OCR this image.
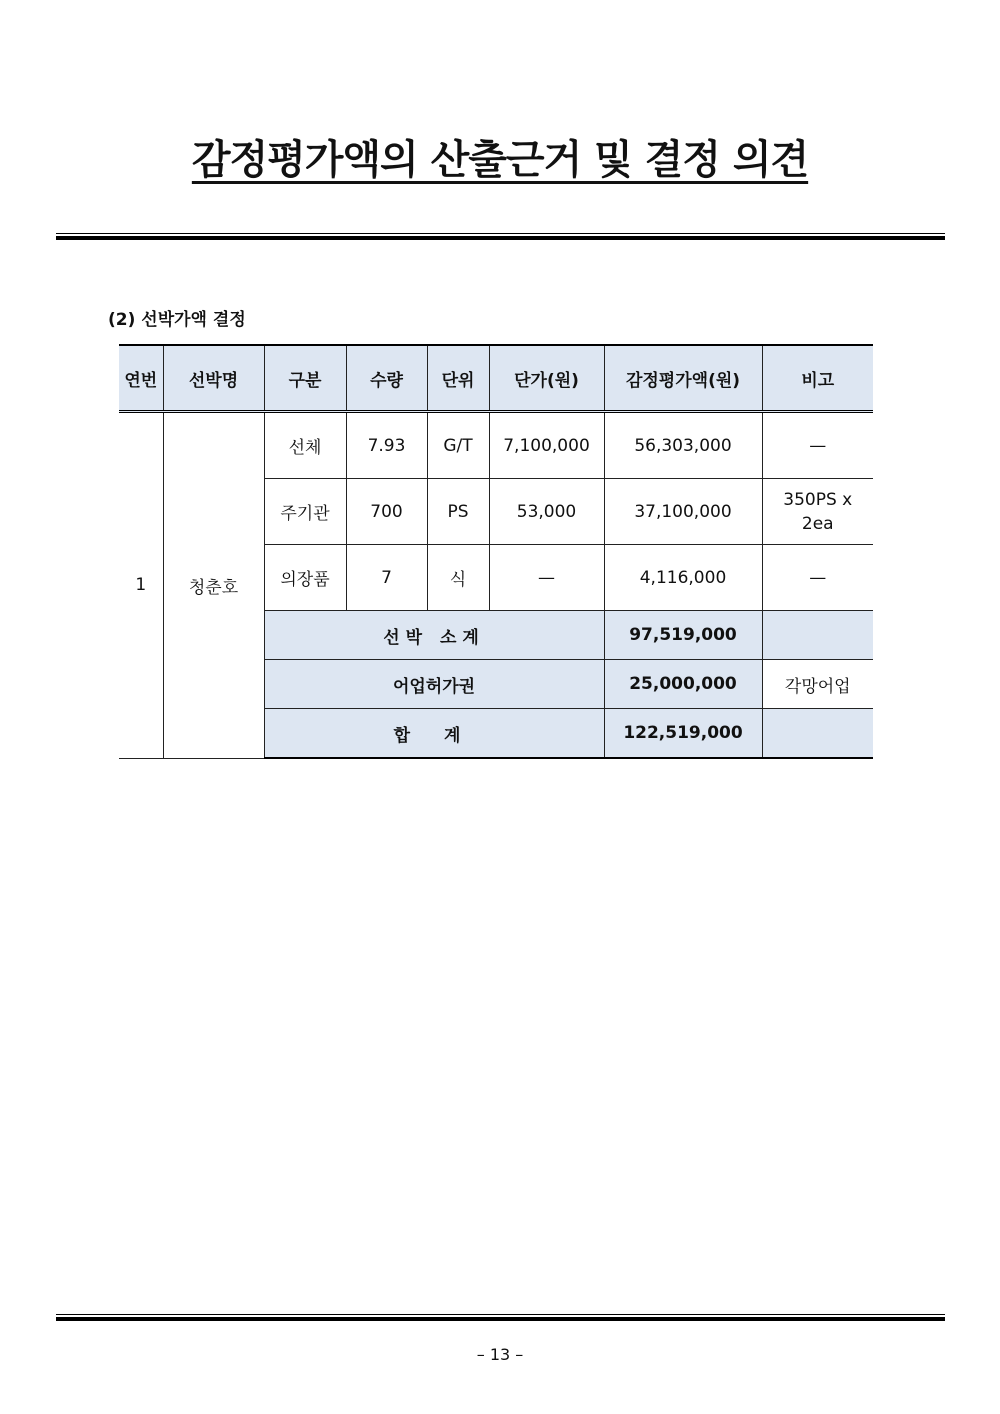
감정평가액의 산출근거 및 결정 의견

(2) 선박가액 결정

연번	선박명	구분	수량	단위	단가(원)	감정평가액(원)	비고
1	청춘호	선체	7.93	G/T	7,100,000	56,303,000	—
		주기관	700	PS	53,000	37,100,000	350PS x 2ea
		의장품	7	식	—	4,116,000	—
		선박 소계				97,519,000	
		어업허가권				25,000,000	각망어업
		합 계				122,519,000	
– 13 –
